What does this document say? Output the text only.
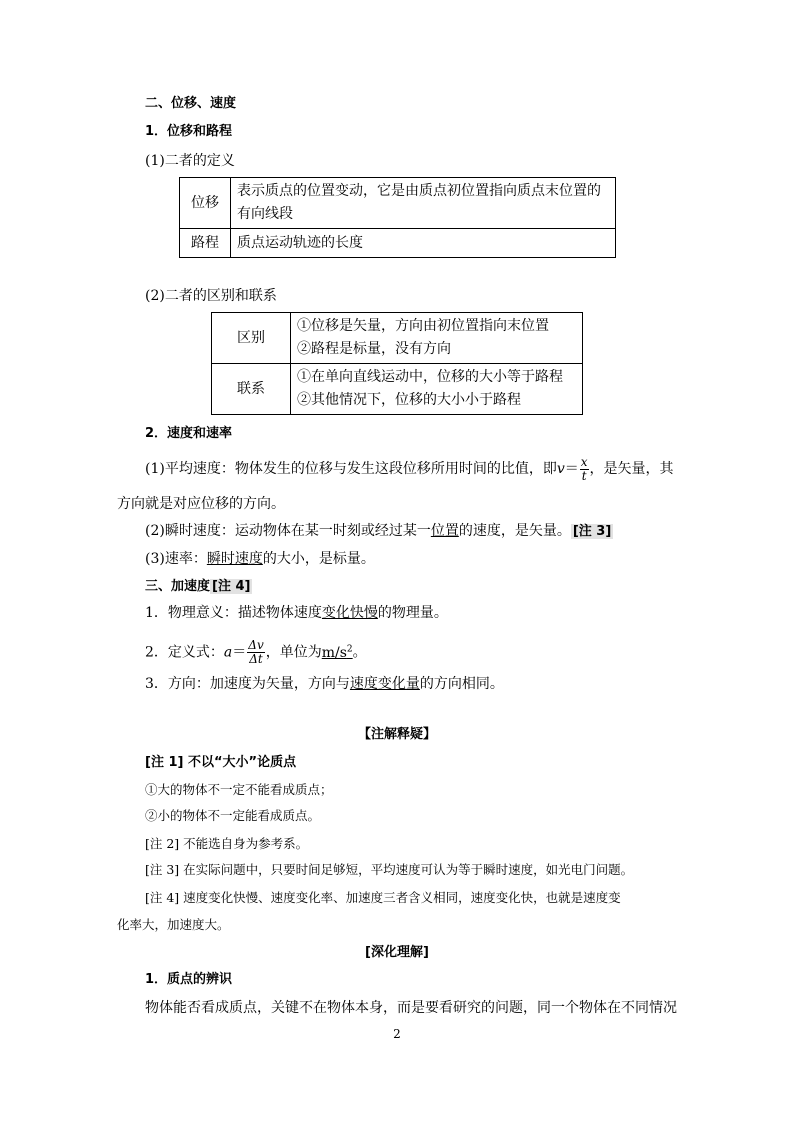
二、位移、速度
1．位移和路程
(1)二者的定义
位移	表示质点的位置变动，它是由质点初位置指向质点末位置的
有向线段
路程	质点运动轨迹的长度
(2)二者的区别和联系
区别	①位移是矢量，方向由初位置指向末位置
②路程是标量，没有方向
联系	①在单向直线运动中，位移的大小等于路程
②其他情况下，位移的大小小于路程
2．速度和速率
(1)平均速度：物体发生的位移与发生这段位移所用时间的比值，即$v= \frac{x}{t}$ ，是矢量，其
方向就是对应位移的方向。
(2)瞬时速度：运动物体在某一时刻或经过某一位置的速度，是矢量。 [注 3]
(3)速率：瞬时速度的大小，是标量。
三、加速度 [注 4]
1．物理意义：描述物体速度变化快慢的物理量。
2．定义式：$a= \frac{\Delta v}{\Delta t}$ ，单位为$m/s^2$。
3．方向：加速度为矢量，方向与速度变化量的方向相同。
【注解释疑】
[注 1] 不以“大小”论质点
①大的物体不一定不能看成质点；
②小的物体不一定能看成质点。
[注 2] 不能选自身为参考系。
[注 3] 在实际问题中，只要时间足够短，平均速度可认为等于瞬时速度，如光电门问题。
[注 4] 速度变化快慢、速度变化率、加速度三者含义相同，速度变化快，也就是速度变
化率大，加速度大。
[深化理解]
1．质点的辨识
物体能否看成质点，关键不在物体本身，而是要看研究的问题，同一个物体在不同情况
2
